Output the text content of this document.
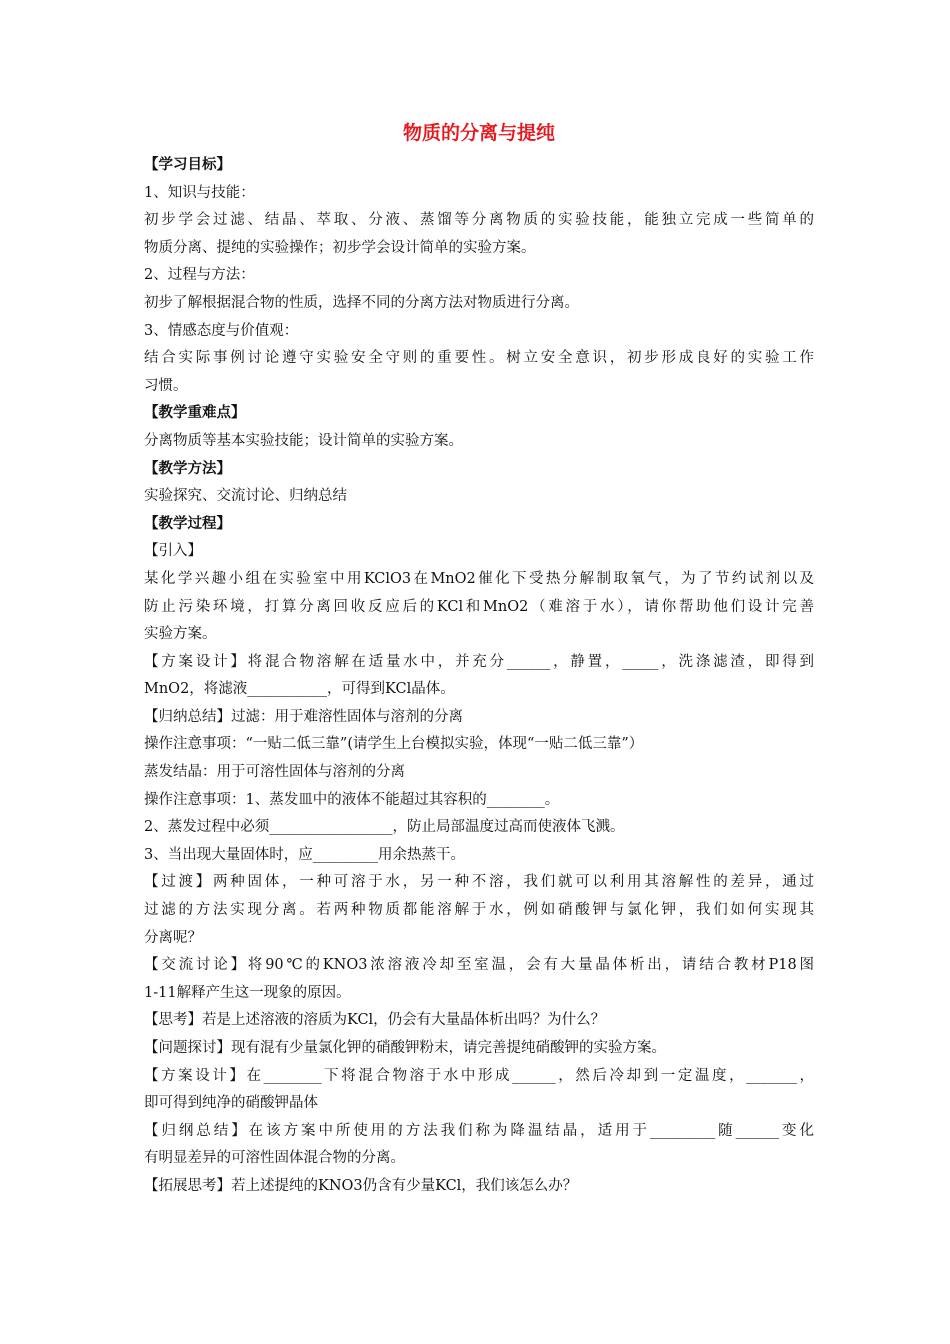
物质的分离与提纯
【学习目标】
1、知识与技能：
初步学会过滤、结晶、萃取、分液、蒸馏等分离物质的实验技能，能独立完成一些简单的
物质分离、提纯的实验操作；初步学会设计简单的实验方案。
2、过程与方法：
初步了解根据混合物的性质，选择不同的分离方法对物质进行分离。
3、情感态度与价值观：
结合实际事例讨论遵守实验安全守则的重要性。树立安全意识，初步形成良好的实验工作
习惯。
【教学重难点】
分离物质等基本实验技能；设计简单的实验方案。
【教学方法】
实验探究、交流讨论、归纳总结
【教学过程】
【引入】
某化学兴趣小组在实验室中用KClO3在MnO2催化下受热分解制取氧气，为了节约试剂以及
防止污染环境，打算分离回收反应后的KCl和MnO2（难溶于水），请你帮助他们设计完善
实验方案。
【方案设计】将混合物溶解在适量水中，并充分______，静置，_____，洗涤滤渣，即得到
MnO2，将滤液___________，可得到KCl晶体。
【归纳总结】过滤：用于难溶性固体与溶剂的分离
操作注意事项：“一贴二低三靠”(请学生上台模拟实验，体现“一贴二低三靠”）
蒸发结晶：用于可溶性固体与溶剂的分离
操作注意事项：1、蒸发皿中的液体不能超过其容积的________。
2、蒸发过程中必须_________________，防止局部温度过高而使液体飞溅。
3、当出现大量固体时，应_________用余热蒸干。
【过渡】两种固体，一种可溶于水，另一种不溶，我们就可以利用其溶解性的差异，通过
过滤的方法实现分离。若两种物质都能溶解于水，例如硝酸钾与氯化钾，我们如何实现其
分离呢？
【交流讨论】将90℃的KNO3浓溶液冷却至室温，会有大量晶体析出，请结合教材P18图
1-11解释产生这一现象的原因。
【思考】若是上述溶液的溶质为KCl，仍会有大量晶体析出吗？为什么？
【问题探讨】现有混有少量氯化钾的硝酸钾粉末，请完善提纯硝酸钾的实验方案。
【方案设计】在________下将混合物溶于水中形成______，然后冷却到一定温度，_______，
即可得到纯净的硝酸钾晶体
【归纲总结】在该方案中所使用的方法我们称为降温结晶，适用于_________随______变化
有明显差异的可溶性固体混合物的分离。
【拓展思考】若上述提纯的KNO3仍含有少量KCl，我们该怎么办？
